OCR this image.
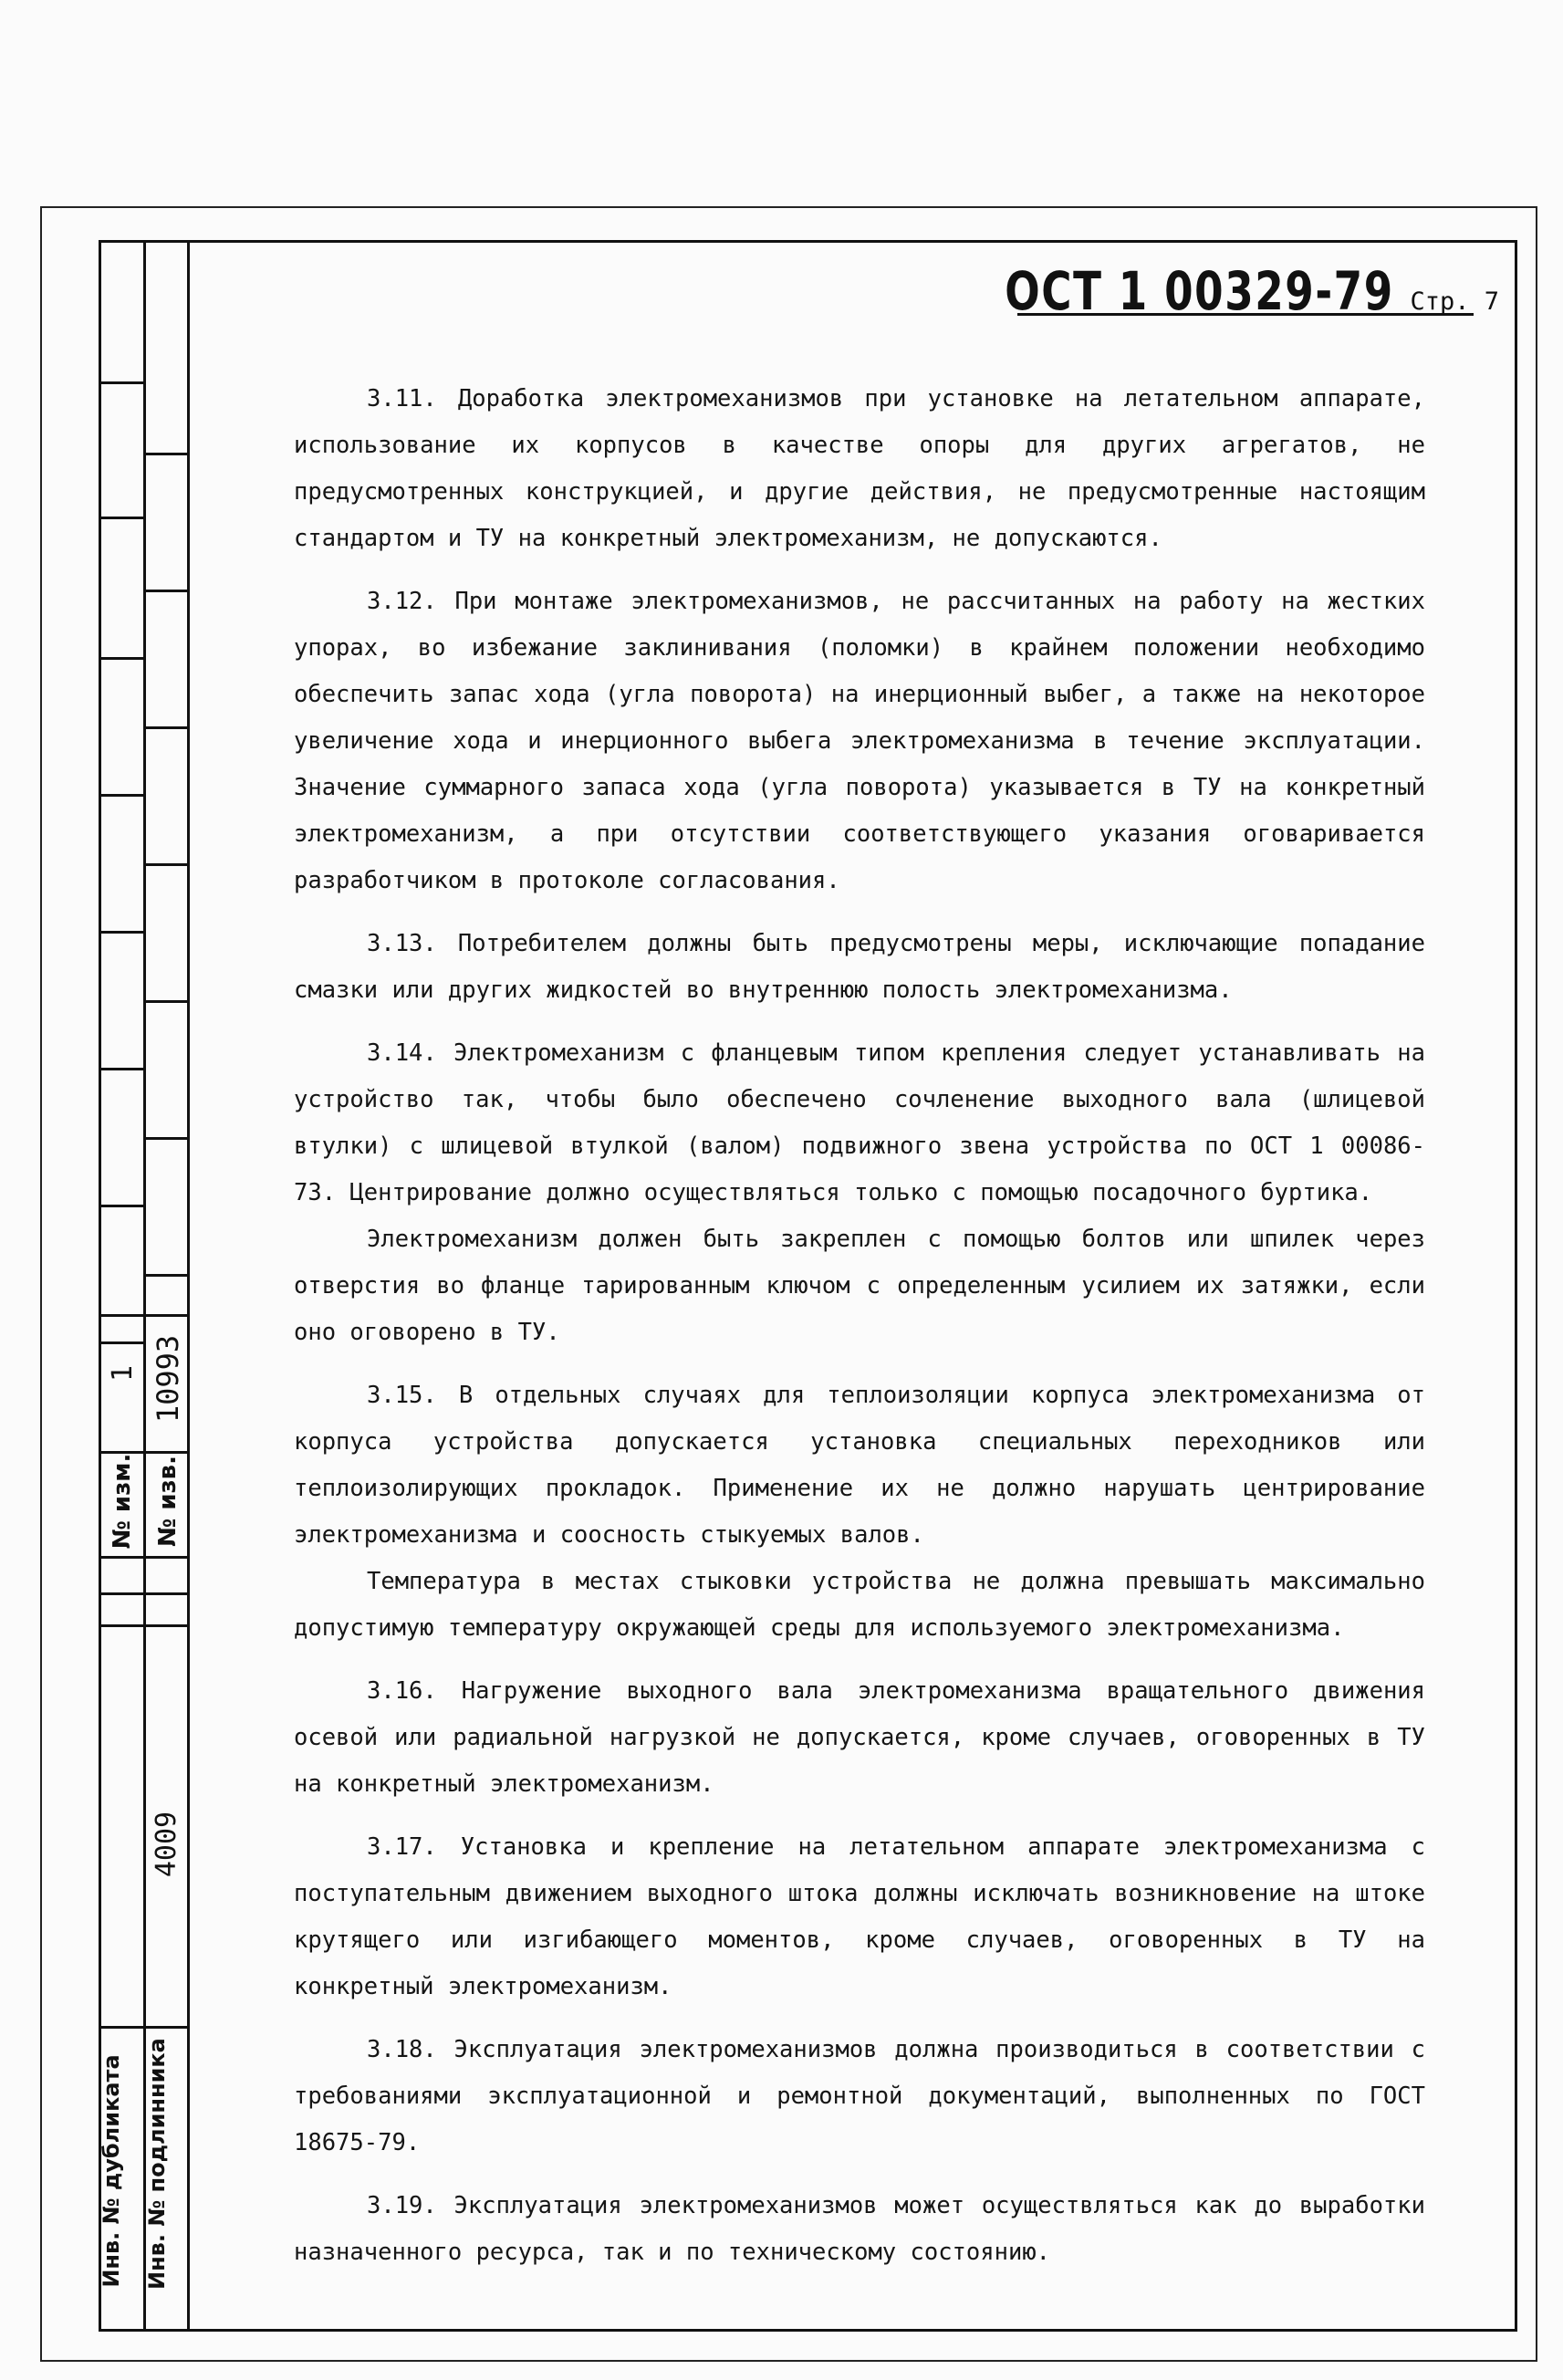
1
№ изм.
10993
№ изв.
4009
Инв. № дубликата Инв. № подлинника
ОСТ 1 00329-79 Стр. 7

3.11. Доработка электромеханизмов при установке на летательном аппарате, использование их корпусов в качестве опоры для других агрегатов, не предусмотренных конструкцией, и другие действия, не предусмотренные настоящим стандартом и ТУ на конкретный электромеханизм, не допускаются.

3.12. При монтаже электромеханизмов, не рассчитанных на работу на жестких упорах, во избежание заклинивания (поломки) в крайнем положении необходимо обеспечить запас хода (угла поворота) на инерционный выбег, а также на некоторое увеличение хода и инерционного выбега электромеханизма в течение эксплуатации. Значение суммарного запаса хода (угла поворота) указывается в ТУ на конкретный электромеханизм, а при отсутствии соответствующего указания оговаривается разработчиком в протоколе согласования.

3.13. Потребителем должны быть предусмотрены меры, исключающие попадание смазки или других жидкостей во внутреннюю полость электромеханизма.

3.14. Электромеханизм с фланцевым типом крепления следует устанавливать на устройство так, чтобы было обеспечено сочленение выходного вала (шлицевой втулки) с шлицевой втулкой (валом) подвижного звена устройства по ОСТ 1 00086-73. Центрирование должно осуществляться только с помощью посадочного буртика.

Электромеханизм должен быть закреплен с помощью болтов или шпилек через отверстия во фланце тарированным ключом с определенным усилием их затяжки, если оно оговорено в ТУ.

3.15. В отдельных случаях для теплоизоляции корпуса электромеханизма от корпуса устройства допускается установка специальных переходников или теплоизолирующих прокладок. Применение их не должно нарушать центрирование электромеханизма и соосность стыкуемых валов.

Температура в местах стыковки устройства не должна превышать максимально допустимую температуру окружающей среды для используемого электромеханизма.

3.16. Нагружение выходного вала электромеханизма вращательного движения осевой или радиальной нагрузкой не допускается, кроме случаев, оговоренных в ТУ на конкретный электромеханизм.

3.17. Установка и крепление на летательном аппарате электромеханизма с поступательным движением выходного штока должны исключать возникновение на штоке крутящего или изгибающего моментов, кроме случаев, оговоренных в ТУ на конкретный электромеханизм.

3.18. Эксплуатация электромеханизмов должна производиться в соответствии с требованиями эксплуатационной и ремонтной документаций, выполненных по ГОСТ 18675-79.

3.19. Эксплуатация электромеханизмов может осуществляться как до выработки назначенного ресурса, так и по техническому состоянию.
